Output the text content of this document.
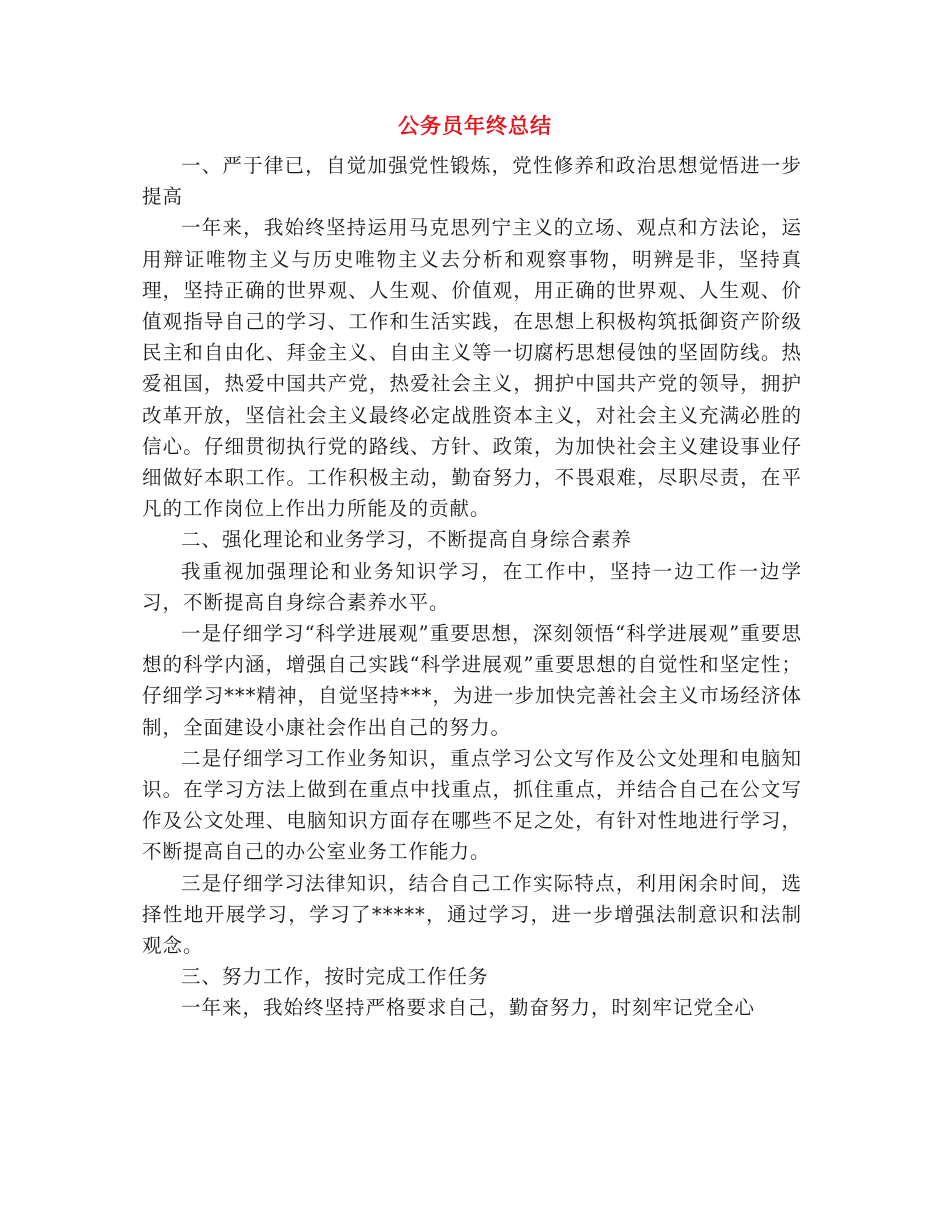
公务员年终总结

一、严于律已，自觉加强党性锻炼，党性修养和政治思想觉悟进一步提高

一年来，我始终坚持运用马克思列宁主义的立场、观点和方法论，运用辩证唯物主义与历史唯物主义去分析和观察事物，明辨是非，坚持真理，坚持正确的世界观、人生观、价值观，用正确的世界观、人生观、价值观指导自己的学习、工作和生活实践，在思想上积极构筑抵御资产阶级民主和自由化、拜金主义、自由主义等一切腐朽思想侵蚀的坚固防线。热爱祖国，热爱中国共产党，热爱社会主义，拥护中国共产党的领导，拥护改革开放，坚信社会主义最终必定战胜资本主义，对社会主义充满必胜的信心。仔细贯彻执行党的路线、方针、政策，为加快社会主义建设事业仔细做好本职工作。工作积极主动，勤奋努力，不畏艰难，尽职尽责，在平凡的工作岗位上作出力所能及的贡献。

二、强化理论和业务学习，不断提高自身综合素养

我重视加强理论和业务知识学习，在工作中，坚持一边工作一边学习，不断提高自身综合素养水平。

一是仔细学习“科学进展观”重要思想，深刻领悟“科学进展观”重要思想的科学内涵，增强自己实践“科学进展观”重要思想的自觉性和坚定性；仔细学习***精神，自觉坚持***，为进一步加快完善社会主义市场经济体制，全面建设小康社会作出自己的努力。

二是仔细学习工作业务知识，重点学习公文写作及公文处理和电脑知识。在学习方法上做到在重点中找重点，抓住重点，并结合自己在公文写作及公文处理、电脑知识方面存在哪些不足之处，有针对性地进行学习，不断提高自己的办公室业务工作能力。

三是仔细学习法律知识，结合自己工作实际特点，利用闲余时间，选择性地开展学习，学习了*****，通过学习，进一步增强法制意识和法制观念。

三、努力工作，按时完成工作任务

一年来，我始终坚持严格要求自己，勤奋努力，时刻牢记党全心
